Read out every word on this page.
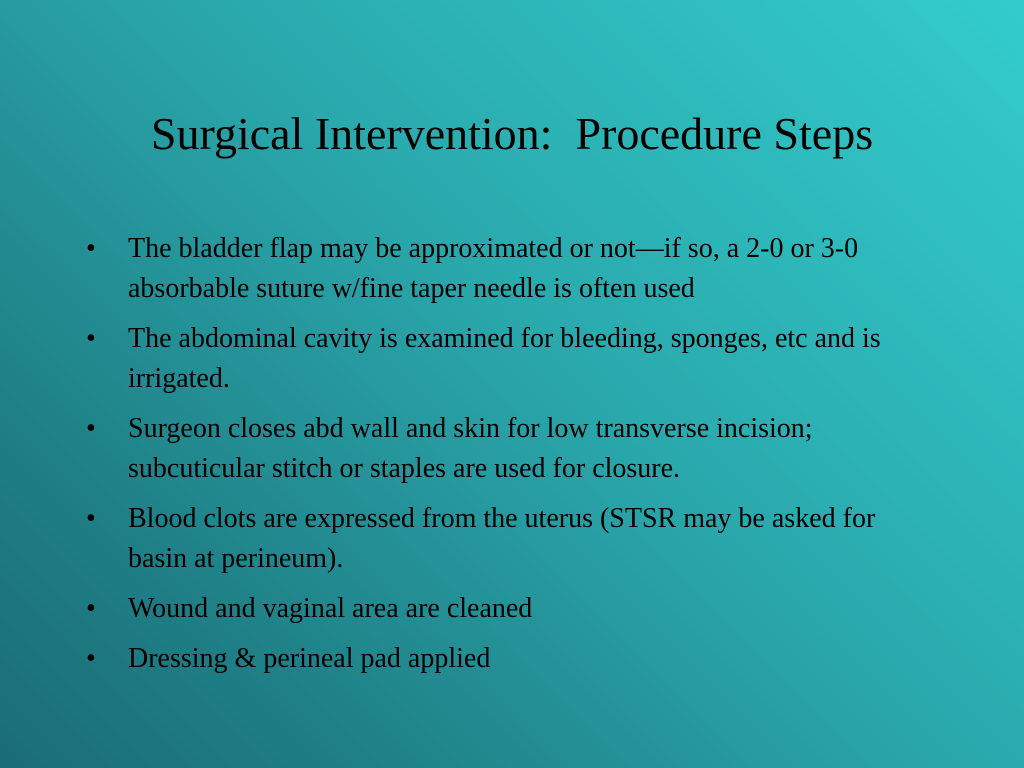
Surgical Intervention:  Procedure Steps
•	The bladder flap may be approximated or not—if so, a 2-0 or 3-0 absorbable suture w/fine taper needle is often used
•	The abdominal cavity is examined for bleeding, sponges, etc and is irrigated.
•	Surgeon closes abd wall and skin for low transverse incision; subcuticular stitch or staples are used for closure.
•	Blood clots are expressed from the uterus (STSR may be asked for basin at perineum).
•	Wound and vaginal area are cleaned
•	Dressing & perineal pad applied
